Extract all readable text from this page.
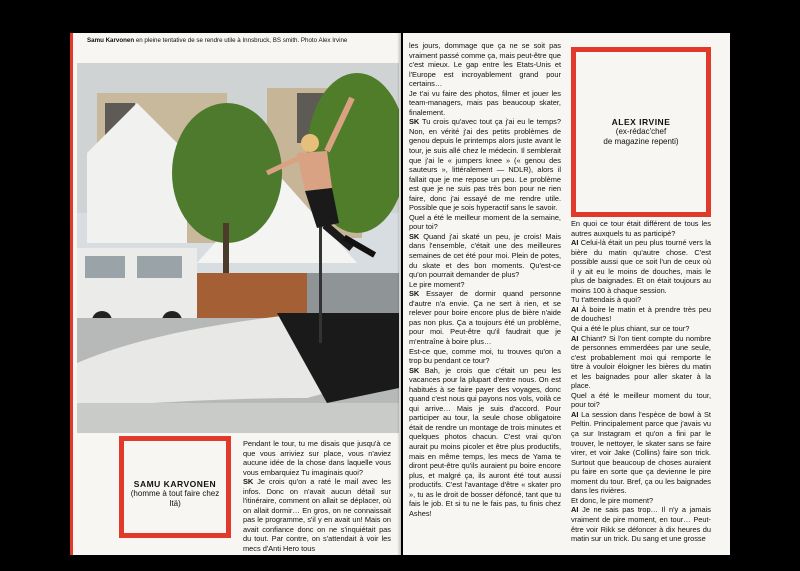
Samu Karvonen en pleine tentative de se rendre utile à Innsbruck, BS smith. Photo Alex Irvine
SAMU KARVONEN
(homme à tout faire chez Itä)

Pendant le tour, tu me disais que jusqu'à ce que vous arriviez sur place, vous n'aviez aucune idée de la chose dans laquelle vous vous embarquiez Tu imaginais quoi?

SK Je crois qu'on a raté le mail avec les infos. Donc on n'avait aucun détail sur l'itinéraire, comment on allait se déplacer, où on allait dormir… En gros, on ne connaissait pas le programme, s'il y en avait un! Mais on avait confiance donc on ne s'inquiétait pas du tout. Par contre, on s'attendait à voir les mecs d'Anti Hero tous

les jours, dommage que ça ne se soit pas vraiment passé comme ça, mais peut-être que c'est mieux. Le gap entre les Etats-Unis et l'Europe est incroyablement grand pour certains…

Je t'ai vu faire des photos, filmer et jouer les team-managers, mais pas beaucoup skater, finalement.

SK Tu crois qu'avec tout ça j'ai eu le temps? Non, en vérité j'ai des petits problèmes de genou depuis le printemps alors juste avant le tour, je suis allé chez le médecin. Il semblerait que j'ai le « jumpers knee » (« genou des sauteurs », littéralement — NDLR), alors il fallait que je me repose un peu. Le problème est que je ne suis pas très bon pour ne rien faire, donc j'ai essayé de me rendre utile. Possible que je sois hyperactif sans le savoir.

Quel a été le meilleur moment de la semaine, pour toi?

SK Quand j'ai skaté un peu, je crois! Mais dans l'ensemble, c'était une des meilleures semaines de cet été pour moi. Plein de potes, du skate et des bon moments. Qu'est-ce qu'on pourrait demander de plus?

Le pire moment?

SK Essayer de dormir quand personne d'autre n'a envie. Ça ne sert à rien, et se relever pour boire encore plus de bière n'aide pas non plus. Ça a toujours été un problème, pour moi. Peut-être qu'il faudrait que je m'entraîne à boire plus…

Est-ce que, comme moi, tu trouves qu'on a trop bu pendant ce tour?

SK Bah, je crois que c'était un peu les vacances pour la plupart d'entre nous. On est habitués à se faire payer des voyages, donc quand c'est nous qui payons nos vols, voilà ce qui arrive… Mais je suis d'accord. Pour participer au tour, la seule chose obligatoire était de rendre un montage de trois minutes et quelques photos chacun. C'est vrai qu'on aurait pu moins picoler et être plus productifs, mais en même temps, les mecs de Yama te diront peut-être qu'ils auraient pu boire encore plus, et malgré ça, ils auront été tout aussi productifs. C'est l'avantage d'être « skater pro », tu as le droit de bosser défoncé, tant que tu fais le job. Et si tu ne le fais pas, tu finis chez Ashes!

ALEX IRVINE
(ex-rédac'chef
de magazine repenti)

En quoi ce tour était différent de tous les autres auxquels tu as participé?

AI Celui-là était un peu plus tourné vers la bière du matin qu'autre chose. C'est possible aussi que ce soit l'un de ceux où il y ait eu le moins de douches, mais le plus de baignades. Et on était toujours au moins 100 à chaque session.

Tu t'attendais à quoi?

AI À boire le matin et à prendre très peu de douches!

Qui a été le plus chiant, sur ce tour?

AI Chiant? Si l'on tient compte du nombre de personnes emmerdées par une seule, c'est probablement moi qui remporte le titre à vouloir éloigner les bières du matin et les baignades pour aller skater à la place.

Quel a été le meilleur moment du tour, pour toi?

AI La session dans l'espèce de bowl à St Peltin. Principalement parce que j'avais vu ça sur Instagram et qu'on a fini par le trouver, le nettoyer, le skater sans se faire virer, et voir Jake (Collins) faire son trick. Surtout que beaucoup de choses auraient pu faire en sorte que ça devienne le pire moment du tour. Bref, ça ou les baignades dans les rivières.

Et donc, le pire moment?

AI Je ne sais pas trop… Il n'y a jamais vraiment de pire moment, en tour… Peut-être voir Rikk se défoncer à dix heures du matin sur un trick. Du sang et une grosse
